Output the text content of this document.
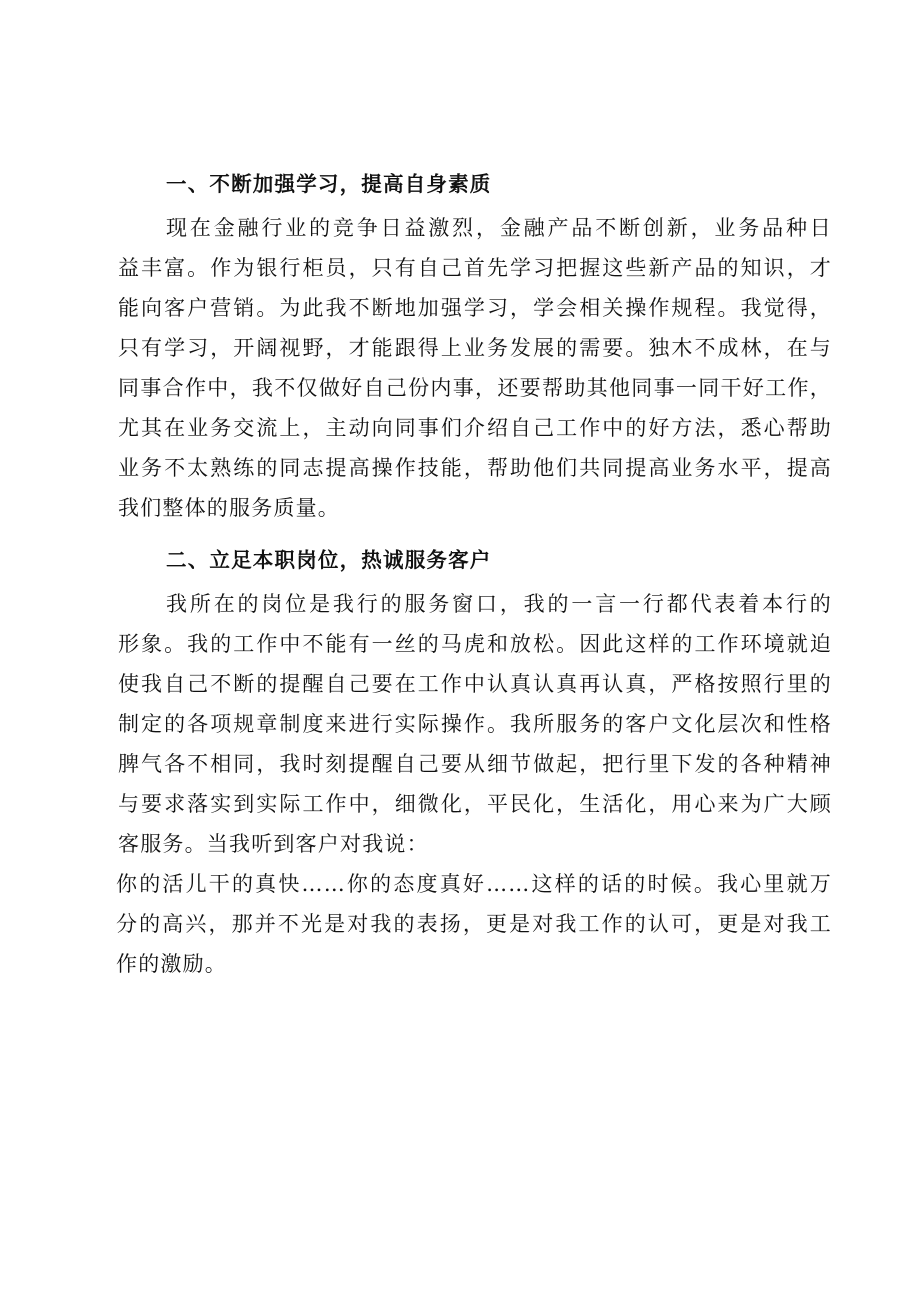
一、不断加强学习，提高自身素质
现在金融行业的竞争日益激烈，金融产品不断创新，业务品种日
益丰富。作为银行柜员，只有自己首先学习把握这些新产品的知识，才
能向客户营销。为此我不断地加强学习，学会相关操作规程。我觉得，
只有学习，开阔视野，才能跟得上业务发展的需要。独木不成林，在与
同事合作中，我不仅做好自己份内事，还要帮助其他同事一同干好工作，
尤其在业务交流上，主动向同事们介绍自己工作中的好方法，悉心帮助
业务不太熟练的同志提高操作技能，帮助他们共同提高业务水平，提高
我们整体的服务质量。
二、立足本职岗位，热诚服务客户
我所在的岗位是我行的服务窗口，我的一言一行都代表着本行的
形象。我的工作中不能有一丝的马虎和放松。因此这样的工作环境就迫
使我自己不断的提醒自己要在工作中认真认真再认真，严格按照行里的
制定的各项规章制度来进行实际操作。我所服务的客户文化层次和性格
脾气各不相同，我时刻提醒自己要从细节做起，把行里下发的各种精神
与要求落实到实际工作中，细微化，平民化，生活化，用心来为广大顾
客服务。当我听到客户对我说：
你的活儿干的真快……你的态度真好……这样的话的时候。我心里就万
分的高兴，那并不光是对我的表扬，更是对我工作的认可，更是对我工
作的激励。
